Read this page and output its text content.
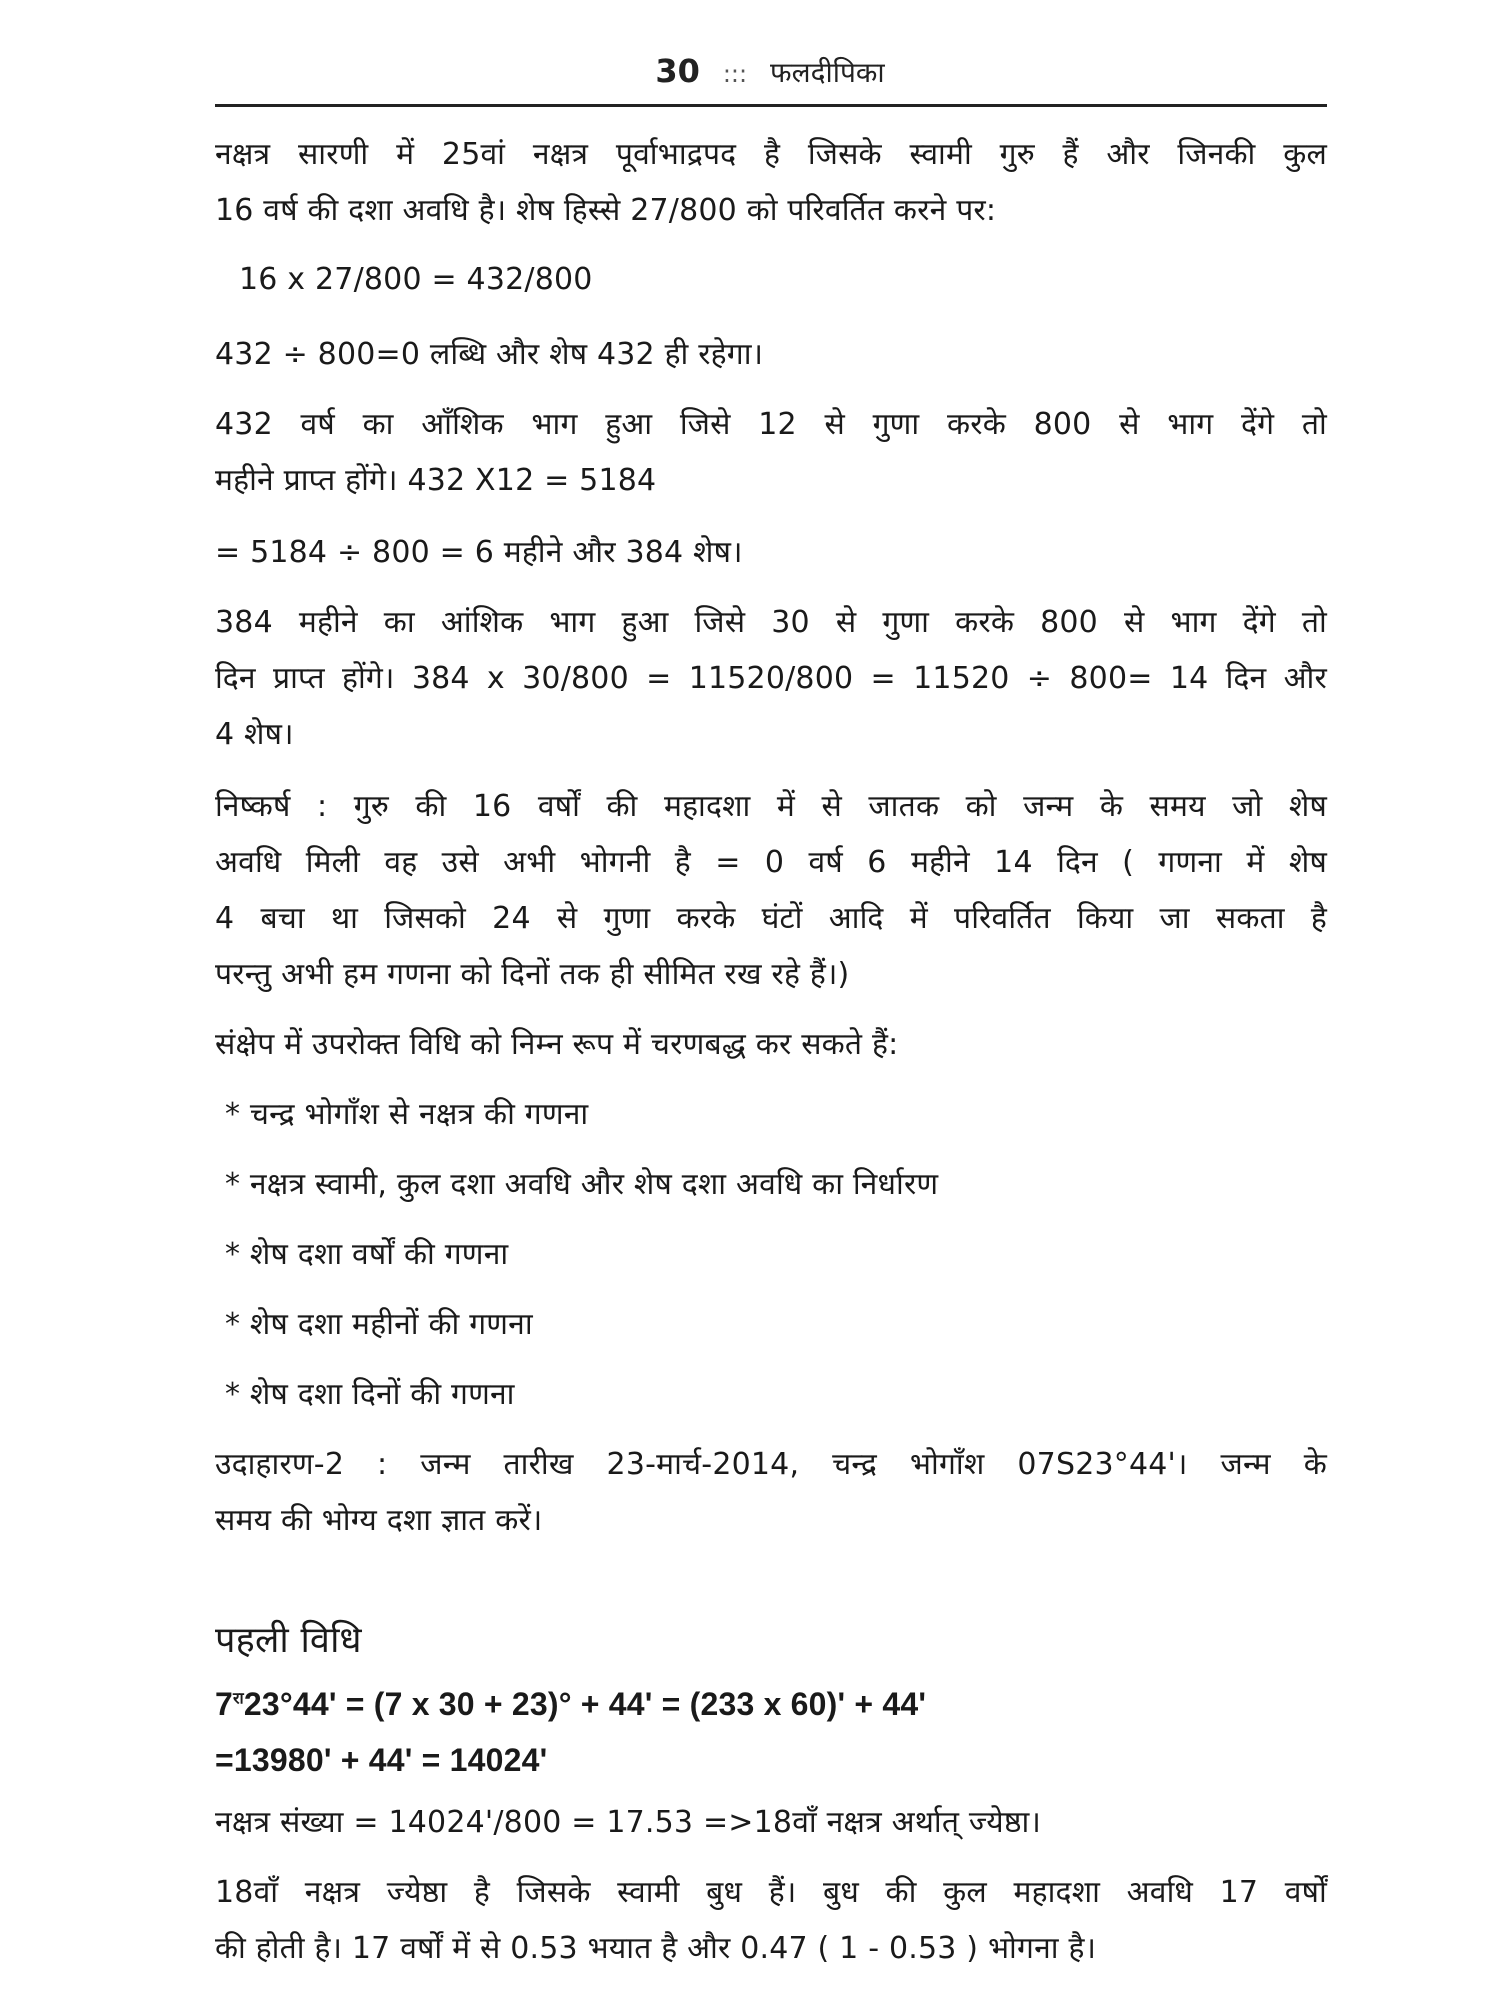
30 ::: फलदीपिका
नक्षत्र सारणी में 25वां नक्षत्र पूर्वाभाद्रपद है जिसके स्वामी गुरु हैं और जिनकी कुल
16 वर्ष की दशा अवधि है। शेष हिस्से 27/800 को परिवर्तित करने पर:
16 x 27/800 = 432/800
432 ÷ 800=0 लब्धि और शेष 432 ही रहेगा।
432 वर्ष का आँशिक भाग हुआ जिसे 12 से गुणा करके 800 से भाग देंगे तो
महीने प्राप्त होंगे। 432 X12 = 5184
= 5184 ÷ 800 = 6 महीने और 384 शेष।
384 महीने का आंशिक भाग हुआ जिसे 30 से गुणा करके 800 से भाग देंगे तो
दिन प्राप्त होंगे। 384 x 30/800 = 11520/800 = 11520 ÷ 800= 14 दिन और
4 शेष।
निष्कर्ष : गुरु की 16 वर्षों की महादशा में से जातक को जन्म के समय जो शेष
अवधि मिली वह उसे अभी भोगनी है = 0 वर्ष 6 महीने 14 दिन ( गणना में शेष
4 बचा था जिसको 24 से गुणा करके घंटों आदि में परिवर्तित किया जा सकता है
परन्तु अभी हम गणना को दिनों तक ही सीमित रख रहे हैं।)
संक्षेप में उपरोक्त विधि को निम्न रूप में चरणबद्ध कर सकते हैं:
* चन्द्र भोगाँश से नक्षत्र की गणना
* नक्षत्र स्वामी, कुल दशा अवधि और शेष दशा अवधि का निर्धारण
* शेष दशा वर्षों की गणना
* शेष दशा महीनों की गणना
* शेष दशा दिनों की गणना
उदाहारण-2 : जन्म तारीख 23-मार्च-2014, चन्द्र भोगाँश 07S23°44'। जन्म के
समय की भोग्य दशा ज्ञात करें।
पहली विधि
$7^{रा}23^\circ 44' = (7$ x 30 + 23)° + 44' = (233 x 60)' + 44'
=13980' + 44' = 14024'
नक्षत्र संख्या = 14024'/800 = 17.53 =>18वाँ नक्षत्र अर्थात् ज्येष्ठा।
18वाँ नक्षत्र ज्येष्ठा है जिसके स्वामी बुध हैं। बुध की कुल महादशा अवधि 17 वर्षों
की होती है। 17 वर्षों में से 0.53 भयात है और 0.47 ( 1 - 0.53 ) भोगना है।
